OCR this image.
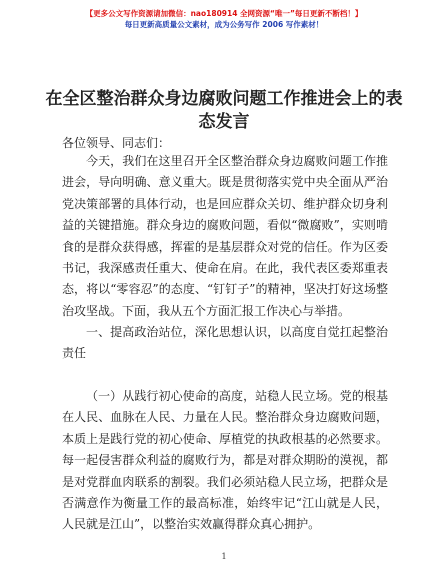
【更多公文写作资源请加微信：nao180914 全网资源“唯一”每日更新不断档！】
每日更新高质量公文素材，成为公务写作 2006 写作素材！
在全区整治群众身边腐败问题工作推进会上的表态发言
各位领导、同志们：
今天，我们在这里召开全区整治群众身边腐败问题工作推进会，导向明确、意义重大。既是贯彻落实党中央全面从严治党决策部署的具体行动，也是回应群众关切、维护群众切身利益的关键措施。群众身边的腐败问题，看似“微腐败”，实则啃食的是群众获得感，挥霍的是基层群众对党的信任。作为区委书记，我深感责任重大、使命在肩。在此，我代表区委郑重表态，将以“零容忍”的态度、“钉钉子”的精神，坚决打好这场整治攻坚战。下面，我从五个方面汇报工作决心与举措。
一、提高政治站位，深化思想认识，以高度自觉扛起整治责任
（一）从践行初心使命的高度，站稳人民立场。党的根基在人民、血脉在人民、力量在人民。整治群众身边腐败问题，本质上是践行党的初心使命、厚植党的执政根基的必然要求。每一起侵害群众利益的腐败行为，都是对群众期盼的漠视，都是对党群血肉联系的割裂。我们必须站稳人民立场，把群众是否满意作为衡量工作的最高标准，始终牢记“江山就是人民，人民就是江山”，以整治实效赢得群众真心拥护。
1
